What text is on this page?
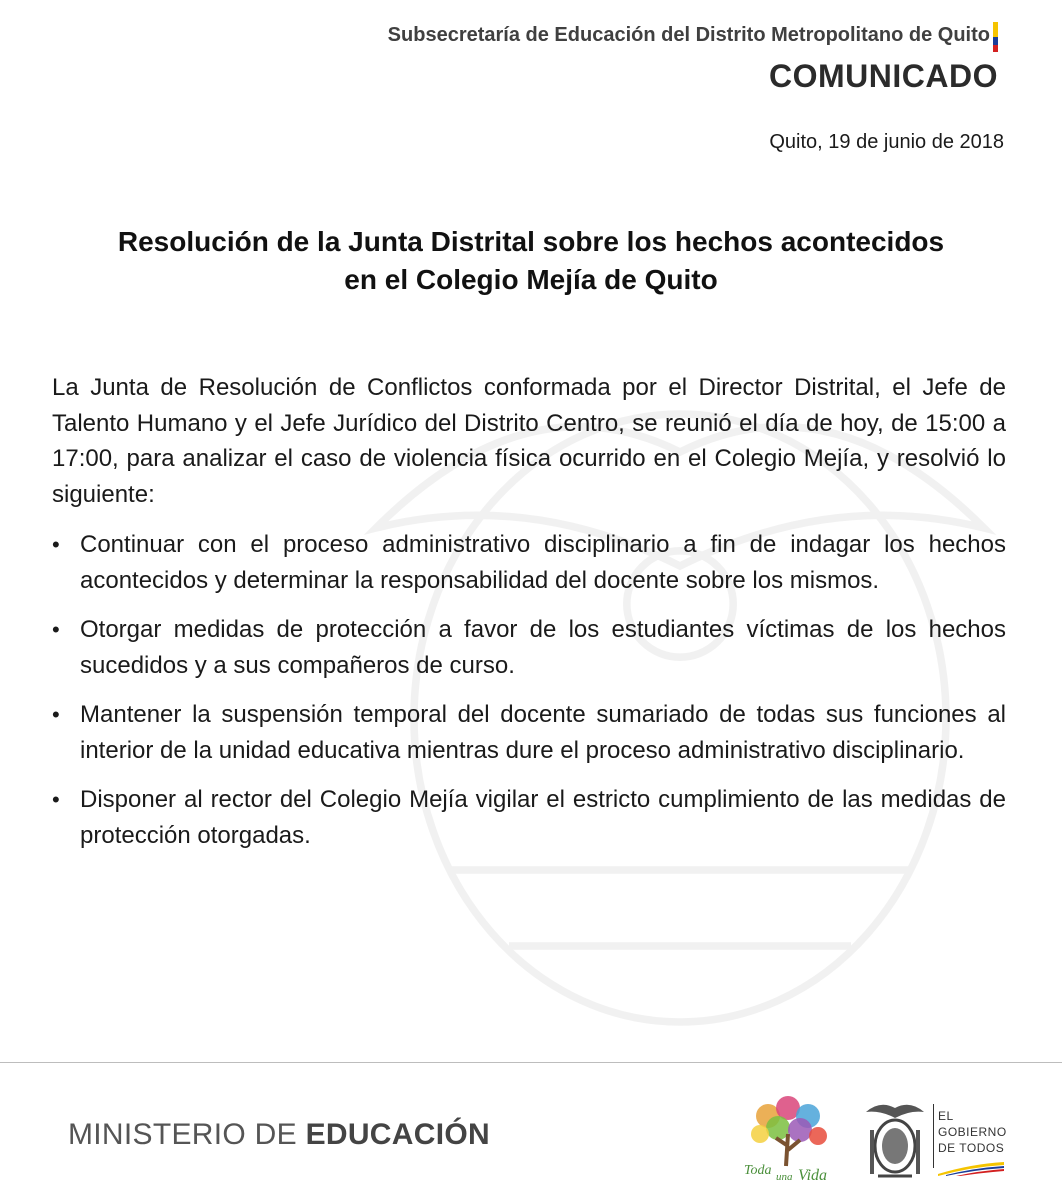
Subsecretaría de Educación del Distrito Metropolitano de Quito
COMUNICADO
Quito, 19 de junio de 2018
Resolución de la Junta Distrital sobre los hechos acontecidos
en el Colegio Mejía de Quito
La Junta de Resolución de Conflictos conformada por el Director Distrital, el Jefe de Talento Humano y el Jefe Jurídico del Distrito Centro, se reunió el día de hoy, de 15:00 a 17:00, para analizar el caso de violencia física ocurrido en el Colegio Mejía, y resolvió lo siguiente:
• Continuar con el proceso administrativo disciplinario a fin de indagar los hechos acontecidos y determinar la responsabilidad del docente sobre los mismos.
• Otorgar medidas de protección a favor de los estudiantes víctimas de los hechos sucedidos y a sus compañeros de curso.
• Mantener la suspensión temporal del docente sumariado de todas sus funciones al interior de la unidad educativa mientras dure el proceso administrativo disciplinario.
• Disponer al rector del Colegio Mejía vigilar el estricto cumplimiento de las medidas de protección otorgadas.
MINISTERIO DE EDUCACIÓN
Toda una Vida
EL
GOBIERNO
DE TODOS
